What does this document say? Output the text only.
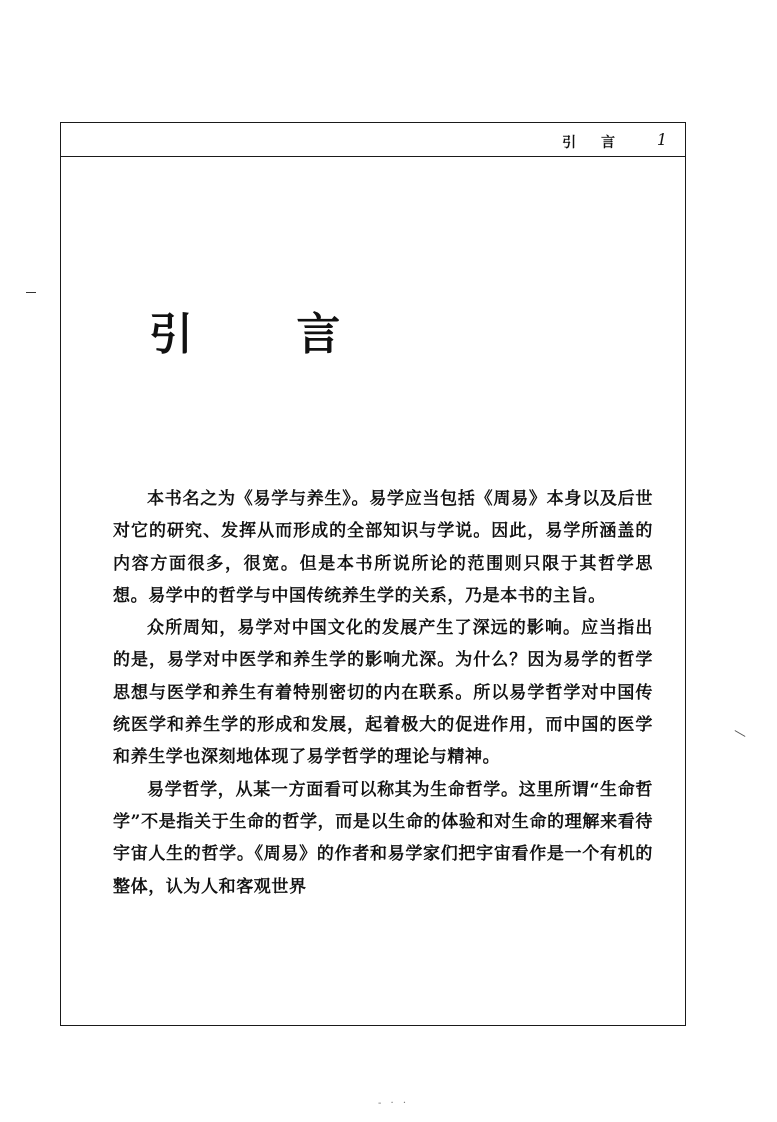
引 言 1
引 言

本书名之为《易学与养生》。易学应当包括《周易》本身以及后世对它的研究、发挥从而形成的全部知识与学说。因此，易学所涵盖的内容方面很多，很宽。但是本书所说所论的范围则只限于其哲学思想。易学中的哲学与中国传统养生学的关系，乃是本书的主旨。

众所周知，易学对中国文化的发展产生了深远的影响。应当指出的是，易学对中医学和养生学的影响尤深。为什么？因为易学的哲学思想与医学和养生有着特别密切的内在联系。所以易学哲学对中国传统医学和养生学的形成和发展，起着极大的促进作用，而中国的医学和养生学也深刻地体现了易学哲学的理论与精神。

易学哲学，从某一方面看可以称其为生命哲学。这里所谓“生命哲学”不是指关于生命的哲学，而是以生命的体验和对生命的理解来看待宇宙人生的哲学。《周易》的作者和易学家们把宇宙看作是一个有机的整体，认为人和客观世界

- · ·
